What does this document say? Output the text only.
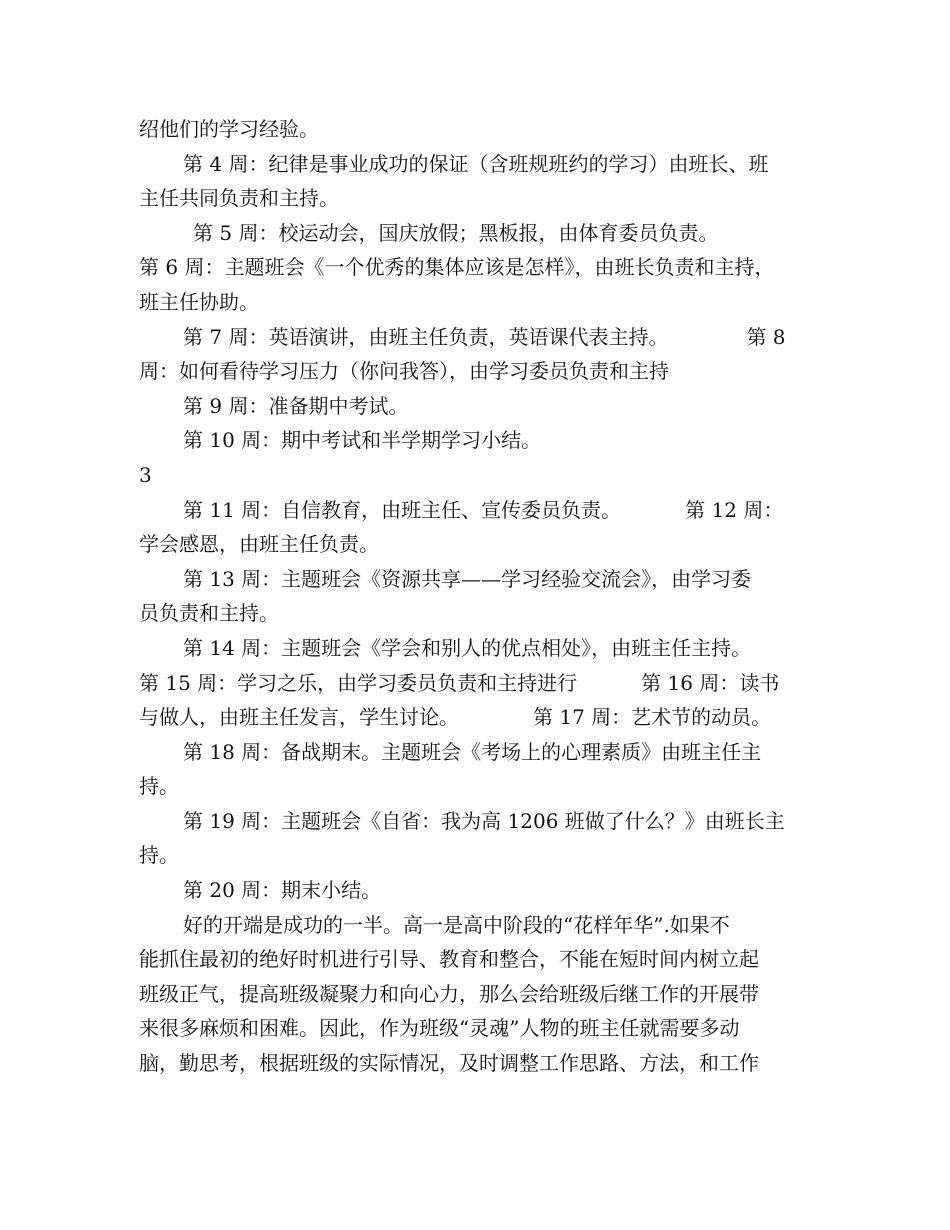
绍他们的学习经验。
第 4 周：纪律是事业成功的保证（含班规班约的学习）由班长、班
主任共同负责和主持。
第 5 周：校运动会，国庆放假；黑板报，由体育委员负责。
第 6 周：主题班会《一个优秀的集体应该是怎样》，由班长负责和主持，
班主任协助。
第 7 周：英语演讲，由班主任负责，英语课代表主持。	第 8
周：如何看待学习压力（你问我答），由学习委员负责和主持
第 9 周：准备期中考试。
第 10 周：期中考试和半学期学习小结。
3
第 11 周：自信教育，由班主任、宣传委员负责。	第 12 周：
学会感恩，由班主任负责。
第 13 周：主题班会《资源共享——学习经验交流会》，由学习委
员负责和主持。
第 14 周：主题班会《学会和别人的优点相处》，由班主任主持。
第 15 周：学习之乐，由学习委员负责和主持进行	第 16 周：读书
与做人，由班主任发言，学生讨论。	第 17 周：艺术节的动员。
第 18 周：备战期末。主题班会《考场上的心理素质》由班主任主
持。
第 19 周：主题班会《自省：我为高 1206 班做了什么？》由班长主
持。
第 20 周：期末小结。
好的开端是成功的一半。高一是高中阶段的“花样年华”.如果不
能抓住最初的绝好时机进行引导、教育和整合，不能在短时间内树立起
班级正气，提高班级凝聚力和向心力，那么会给班级后继工作的开展带
来很多麻烦和困难。因此，作为班级“灵魂”人物的班主任就需要多动
脑，勤思考，根据班级的实际情况，及时调整工作思路、方法，和工作
